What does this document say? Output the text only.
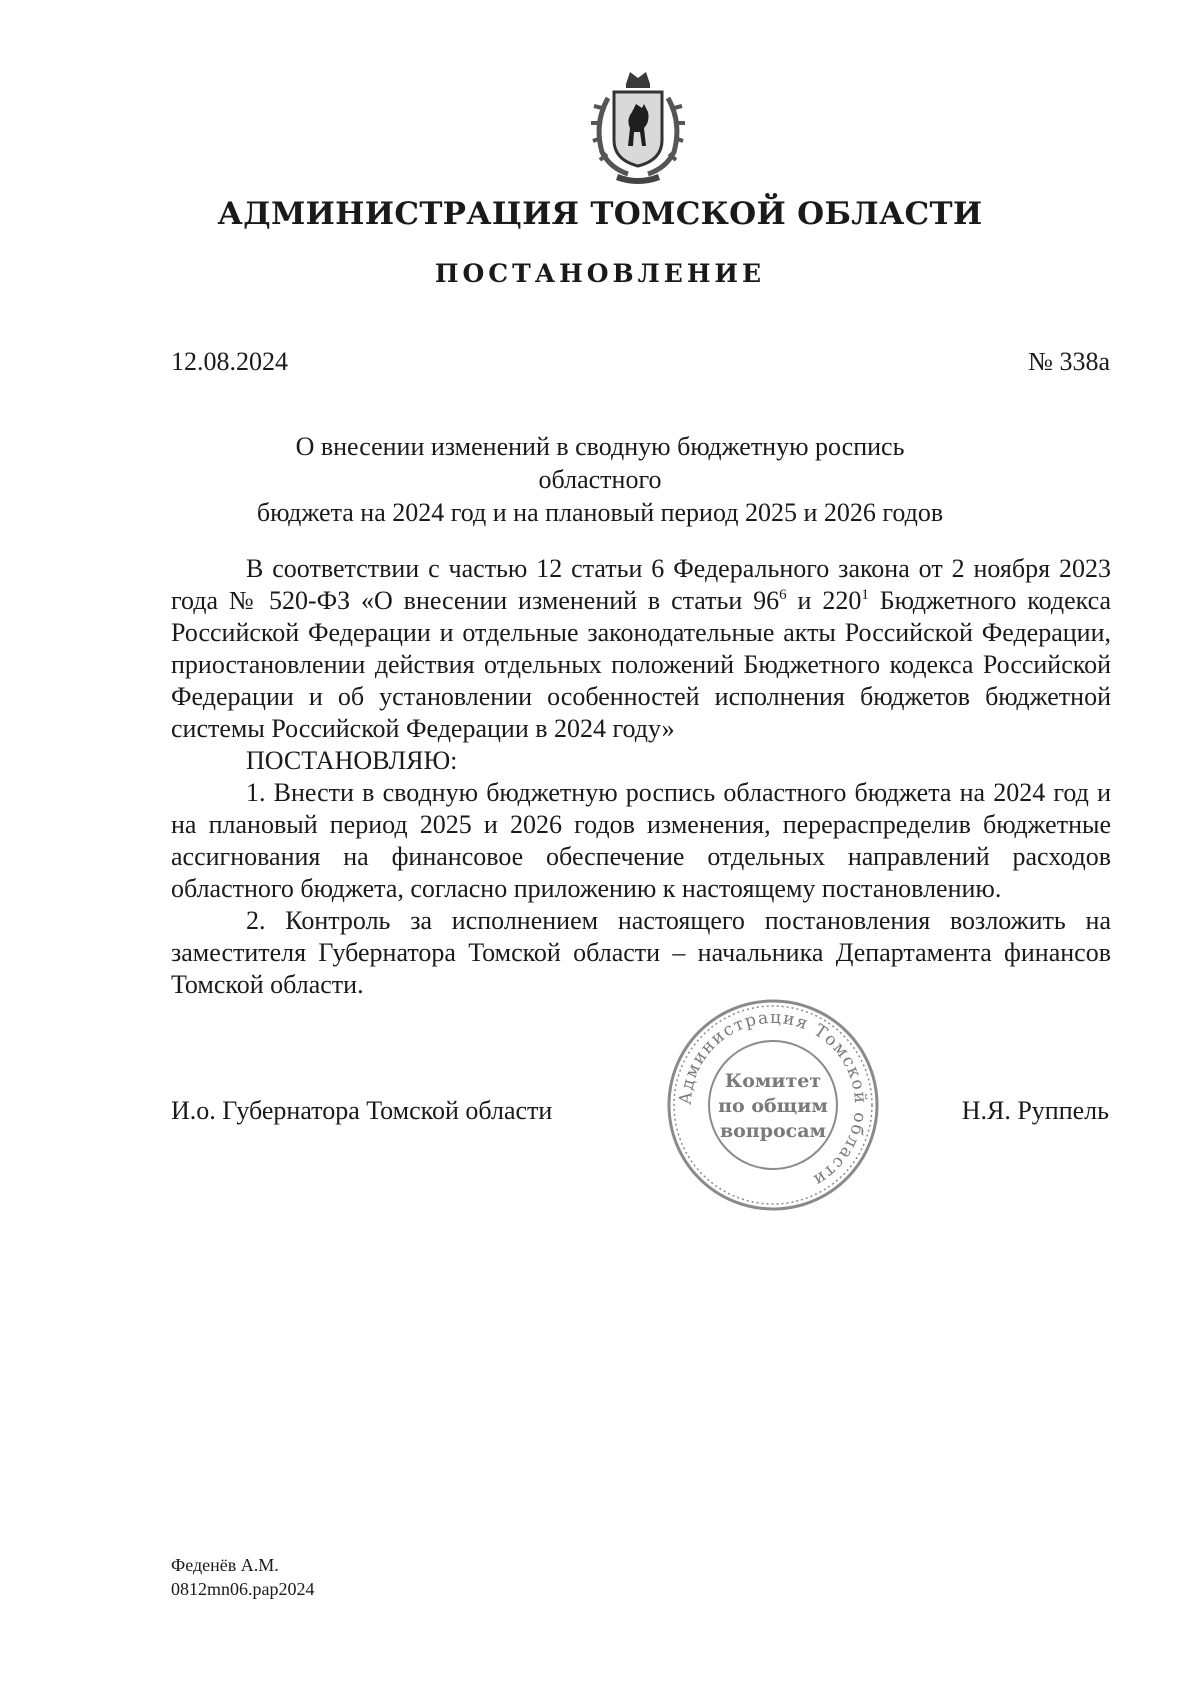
АДМИНИСТРАЦИЯ ТОМСКОЙ ОБЛАСТИ
ПОСТАНОВЛЕНИЕ
12.08.2024	№ 338а
О внесении изменений в сводную бюджетную роспись областного
бюджета на 2024 год и на плановый период 2025 и 2026 годов

В соответствии с частью 12 статьи 6 Федерального закона от 2 ноября 2023 года № 520-ФЗ «О внесении изменений в статьи $96^6$ и $220^1$ Бюджетного кодекса Российской Федерации и отдельные законодательные акты Российской Федерации, приостановлении действия отдельных положений Бюджетного кодекса Российской Федерации и об установлении особенностей исполнения бюджетов бюджетной системы Российской Федерации в 2024 году»

ПОСТАНОВЛЯЮ:

1. Внести в сводную бюджетную роспись областного бюджета на 2024 год и на плановый период 2025 и 2026 годов изменения, перераспределив бюджетные ассигнования на финансовое обеспечение отдельных направлений расходов областного бюджета, согласно приложению к настоящему постановлению.

2. Контроль за исполнением настоящего постановления возложить на заместителя Губернатора Томской области – начальника Департамента финансов Томской области.

И.о. Губернатора Томской области	Администрация Томской области
Комитет
по общим
вопросам
Н.Я. Руппель
Феденёв А.М.
0812mn06.pap2024
